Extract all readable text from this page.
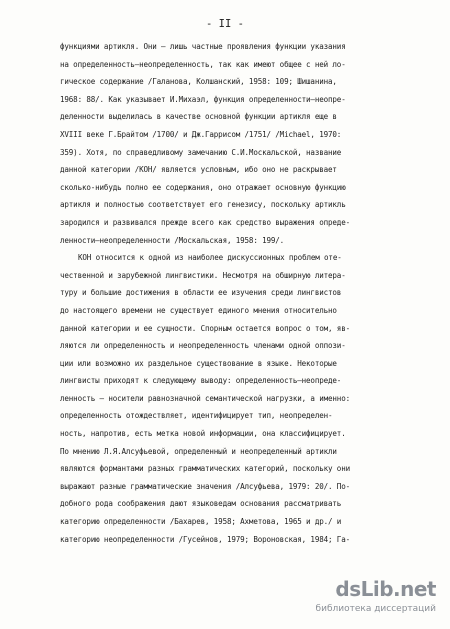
- II -
функциями артикля. Они – лишь частные проявления функции указания
на определенность–неопределенность, так как имеют общее с ней ло-
гическое содержание /Галанова, Колшанский, 1958: 109; Шишанина,
1968: 88/. Как указывает И.Михаэл, функция определенности–неопре-
деленности выделилась в качестве основной функции артикля еще в
XVIII веке Г.Брайтом /1700/ и Дж.Гаррисом /1751/ /Michael, 1970:
359). Хотя, по справедливому замечанию С.И.Москальской, название
данной категории /КОН/ является условным, ибо оно не раскрывает
сколько-нибудь полно ее содержания, оно отражает основную функцию
артикля и полностью соответствует его генезису, поскольку артикль
зародился и развивался прежде всего как средство выражения опреде-
ленности–неопределенности /Москальская, 1958: 199/.
КОН относится к одной из наиболее дискуссионных проблем оте-
чественной и зарубежной лингвистики. Несмотря на обширную литера-
туру и большие достижения в области ее изучения среди лингвистов
до настоящего времени не существует единого мнения относительно
данной категории и ее сущности. Спорным остается вопрос о том, яв-
ляются ли определенность и неопределенность членами одной оппози-
ции или возможно их раздельное существование в языке. Некоторые
лингвисты приходят к следующему выводу: определенность–неопреде-
ленность – носители равнозначной семантической нагрузки, а именно:
определенность отождествляет, идентифицирует тип, неопределен-
ность, напротив, есть метка новой информации, она классифицирует.
По мнению Л.Я.Алсуфьевой, определенный и неопределенный артикли
являются формантами разных грамматических категорий, поскольку они
выражают разные грамматические значения /Алсуфьева, 1979: 20/. По-
добного рода соображения дают языковедам основания рассматривать
категорию определенности /Бахарев, 1958; Ахметова, 1965 и др./ и
категорию неопределенности /Гусейнов, 1979; Вороновская, 1984; Га-
dsLib.net
библиотека диссертаций
